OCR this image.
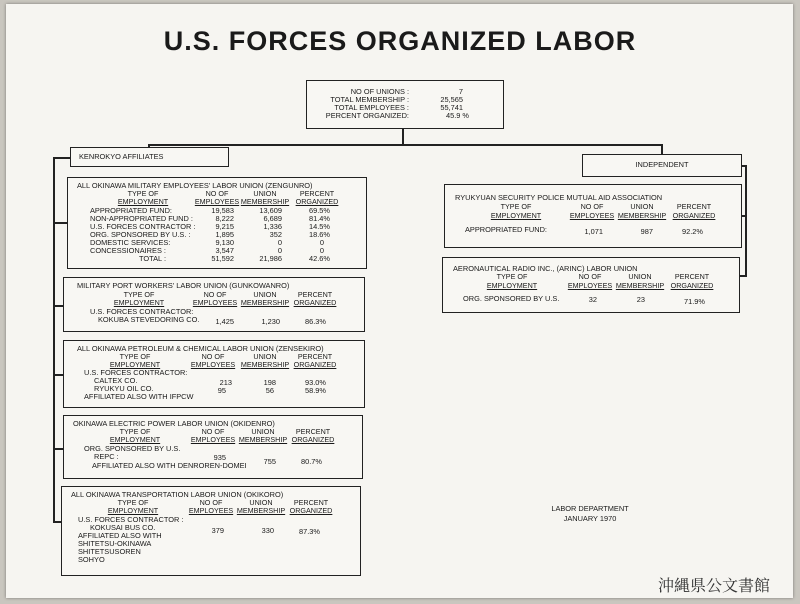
U.S. FORCES ORGANIZED LABOR
NO OF UNIONS :	7
TOTAL MEMBERSHIP :	25,565
TOTAL EMPLOYEES :	55,741
PERCENT ORGANIZED:	45.9 %
KENROKYO AFFILIATES
INDEPENDENT
ALL OKINAWA MILITARY EMPLOYEES' LABOR UNION (ZENGUNRO)
TYPE OF
EMPLOYMENT
NO OF
EMPLOYEES
UNION
MEMBERSHIP
PERCENT
ORGANIZED
APPROPRIATED FUND:	19,583	13,609	69.5%
NON-APPROPRIATED FUND :	8,222	6,689	81.4%
U.S. FORCES CONTRACTOR :	9,215	1,336	14.5%
ORG. SPONSORED BY U.S. :	1,895	352	18.6%
DOMESTIC SERVICES:	9,130	0	0
CONCESSIONAIRES :	3,547	0	0
TOTAL :	51,592	21,986	42.6%
MILITARY PORT WORKERS' LABOR UNION (GUNKOWANRO)
TYPE OF
EMPLOYMENT
NO OF
EMPLOYEES
UNION
MEMBERSHIP
PERCENT
ORGANIZED
U.S. FORCES CONTRACTOR:
KOKUBA STEVEDORING CO. 1,425	1,230	86.3%
ALL OKINAWA PETROLEUM & CHEMICAL LABOR UNION (ZENSEKIRO)
TYPE OF
EMPLOYMENT
NO OF
EMPLOYEES
UNION
MEMBERSHIP
PERCENT
ORGANIZED
U.S. FORCES CONTRACTOR:
CALTEX CO.	213	198	93.0%
RYUKYU OIL CO.	95	56	58.9%
AFFILIATED ALSO WITH IFPCW
OKINAWA ELECTRIC POWER LABOR UNION (OKIDENRO)
TYPE OF
EMPLOYMENT
NO OF
EMPLOYEES
UNION
MEMBERSHIP
PERCENT
ORGANIZED
ORG. SPONSORED BY U.S.
REPC :	935	755	80.7%
AFFILIATED ALSO WITH DENROREN-DOMEI
ALL OKINAWA TRANSPORTATION LABOR UNION (OKIKORO)
TYPE OF
EMPLOYMENT
NO OF
EMPLOYEES
UNION
MEMBERSHIP
PERCENT
ORGANIZED
U.S. FORCES CONTRACTOR :
KOKUSAI BUS CO.	379	330	87.3%
AFFILIATED ALSO WITH
SHITETSU-OKINAWA
SHITETSUSOREN
SOHYO
RYUKYUAN SECURITY POLICE MUTUAL AID ASSOCIATION
TYPE OF
EMPLOYMENT
NO OF
EMPLOYEES
UNION
MEMBERSHIP
PERCENT
ORGANIZED
APPROPRIATED FUND:	1,071	987	92.2%
AERONAUTICAL RADIO INC., (ARINC) LABOR UNION
TYPE OF
EMPLOYMENT
NO OF
EMPLOYEES
UNION
MEMBERSHIP
PERCENT
ORGANIZED
ORG. SPONSORED BY U.S.	32	23	71.9%
LABOR DEPARTMENT
JANUARY 1970
沖縄県公文書館
